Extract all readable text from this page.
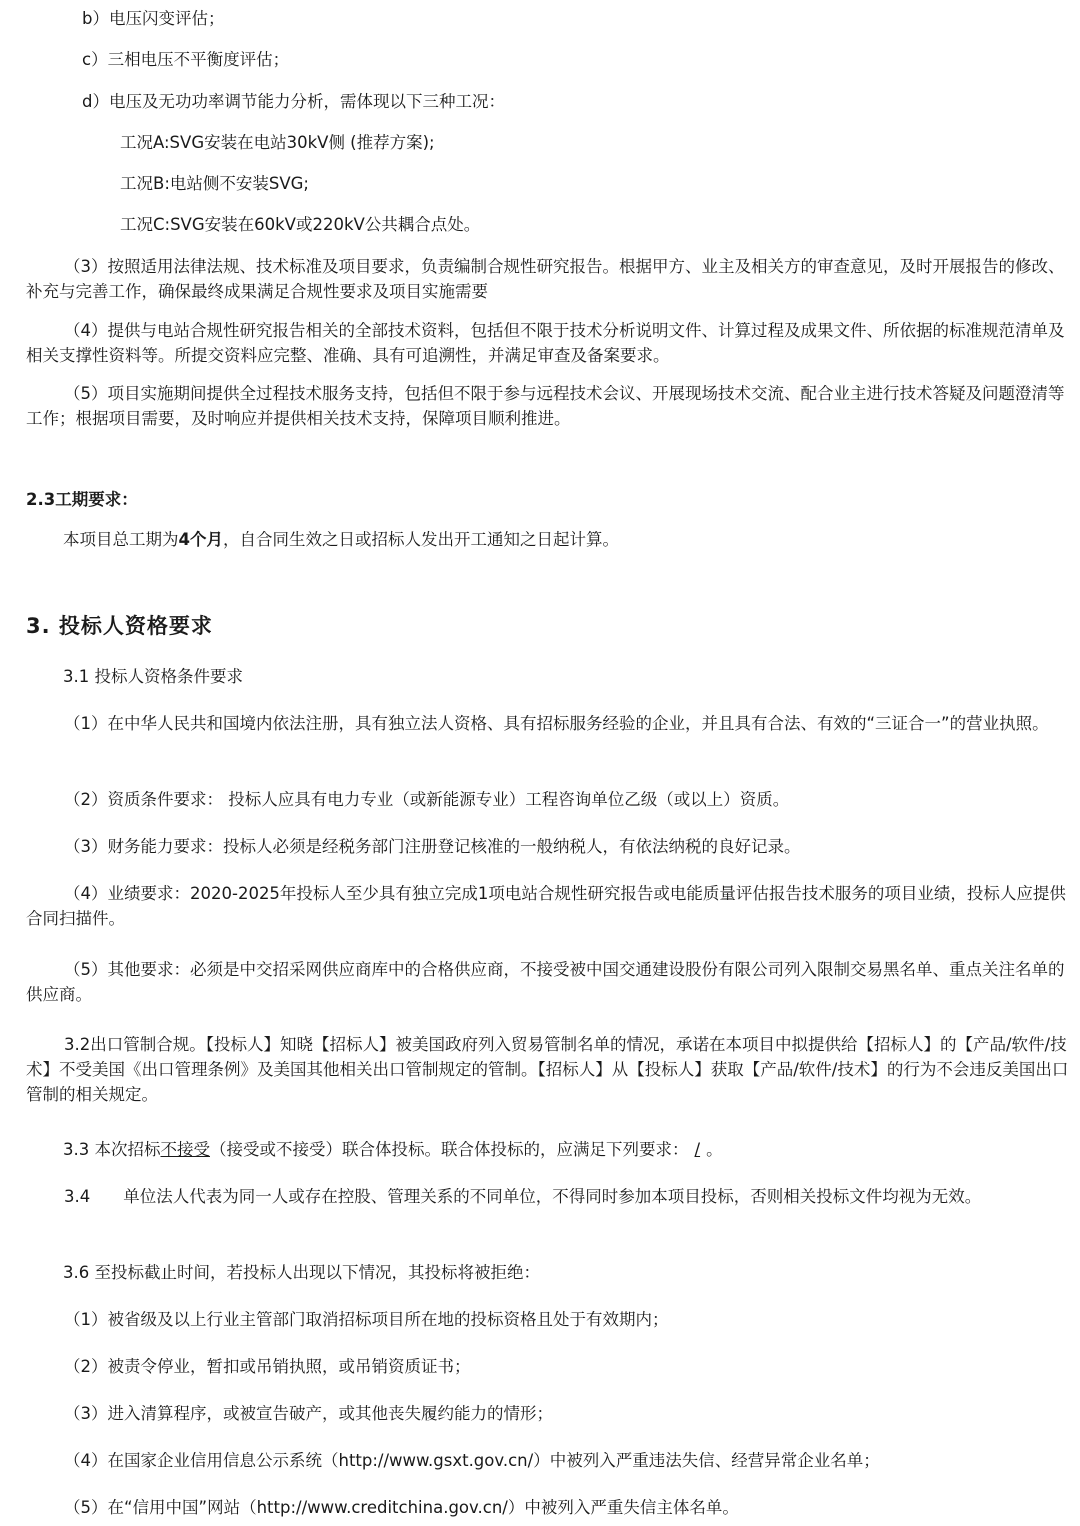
b）电压闪变评估；

c）三相电压不平衡度评估；

d）电压及无功功率调节能力分析，需体现以下三种工况：

工况A:SVG安装在电站30kV侧 (推荐方案);

工况B:电站侧不安装SVG;

工况C:SVG安装在60kV或220kV公共耦合点处。

（3）按照适用法律法规、技术标准及项目要求，负责编制合规性研究报告。根据甲方、业主及相关方的审查意见，及时开展报告的修改、补充与完善工作，确保最终成果满足合规性要求及项目实施需要

（4）提供与电站合规性研究报告相关的全部技术资料，包括但不限于技术分析说明文件、计算过程及成果文件、所依据的标准规范清单及相关支撑性资料等。所提交资料应完整、准确、具有可追溯性，并满足审查及备案要求。

（5）项目实施期间提供全过程技术服务支持，包括但不限于参与远程技术会议、开展现场技术交流、配合业主进行技术答疑及问题澄清等工作；根据项目需要，及时响应并提供相关技术支持，保障项目顺利推进。

2.3工期要求：

本项目总工期为4个月，自合同生效之日或招标人发出开工通知之日起计算。

3. 投标人资格要求

3.1 投标人资格条件要求

（1）在中华人民共和国境内依法注册，具有独立法人资格、具有招标服务经验的企业，并且具有合法、有效的“三证合一”的营业执照。

（2）资质条件要求： 投标人应具有电力专业（或新能源专业）工程咨询单位乙级（或以上）资质。

（3）财务能力要求：投标人必须是经税务部门注册登记核准的一般纳税人，有依法纳税的良好记录。

（4）业绩要求：2020-2025年投标人至少具有独立完成1项电站合规性研究报告或电能质量评估报告技术服务的项目业绩，投标人应提供合同扫描件。

（5）其他要求：必须是中交招采网供应商库中的合格供应商，不接受被中国交通建设股份有限公司列入限制交易黑名单、重点关注名单的供应商。

3.2出口管制合规。【投标人】知晓【招标人】被美国政府列入贸易管制名单的情况，承诺在本项目中拟提供给【招标人】的【产品/软件/技术】不受美国《出口管理条例》及美国其他相关出口管制规定的管制。【招标人】从【投标人】获取【产品/软件/技术】的行为不会违反美国出口管制的相关规定。

3.3 本次招标不接受（接受或不接受）联合体投标。联合体投标的，应满足下列要求： / 。

3.4　　单位法人代表为同一人或存在控股、管理关系的不同单位，不得同时参加本项目投标，否则相关投标文件均视为无效。

3.6 至投标截止时间，若投标人出现以下情况，其投标将被拒绝：

（1）被省级及以上行业主管部门取消招标项目所在地的投标资格且处于有效期内；

（2）被责令停业，暂扣或吊销执照，或吊销资质证书；

（3）进入清算程序，或被宣告破产，或其他丧失履约能力的情形；

（4）在国家企业信用信息公示系统（http://www.gsxt.gov.cn/）中被列入严重违法失信、经营异常企业名单；

（5）在“信用中国”网站（http://www.creditchina.gov.cn/）中被列入严重失信主体名单。
